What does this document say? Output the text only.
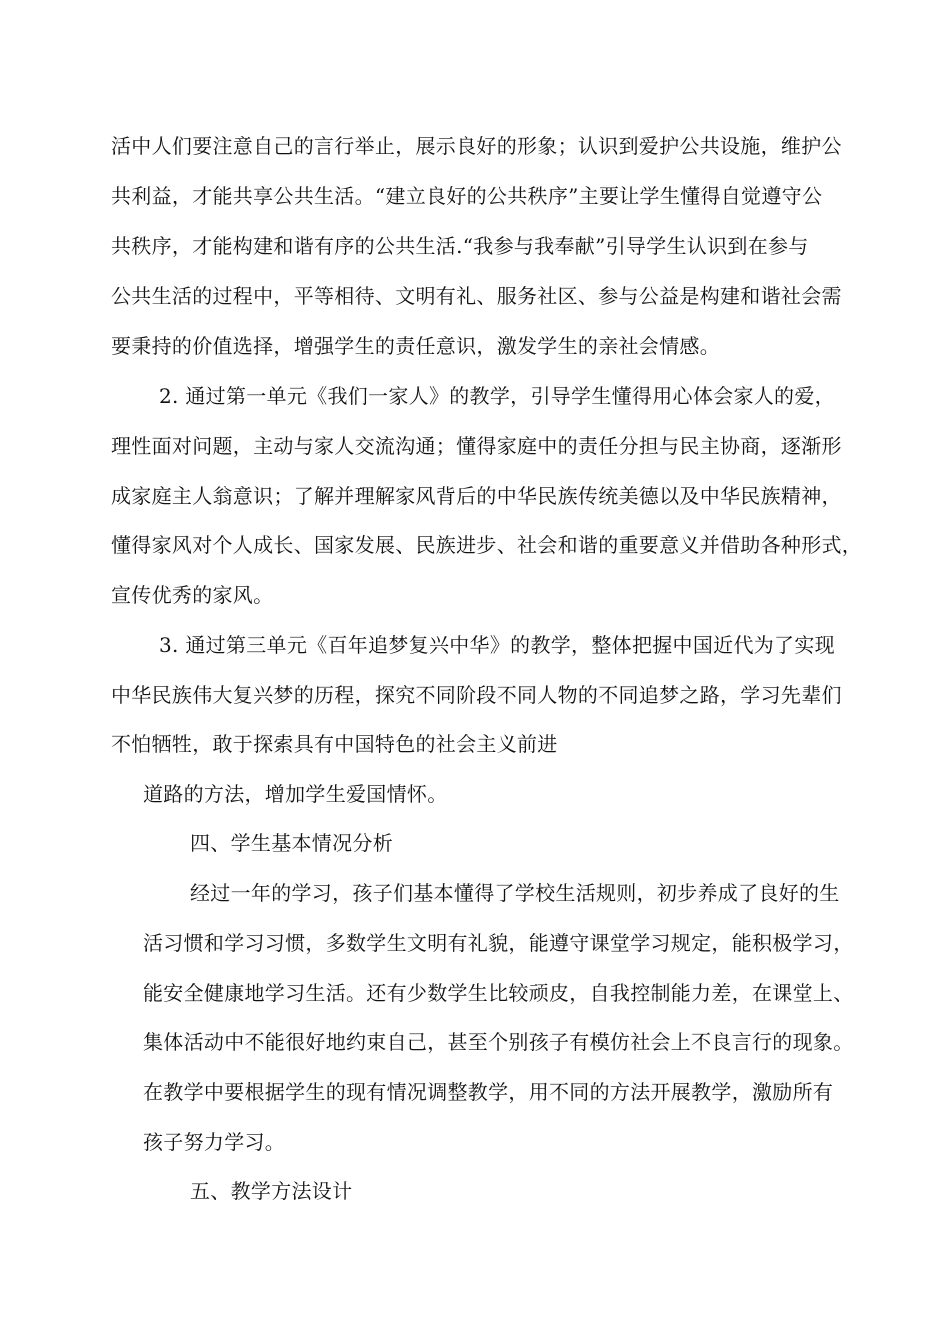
活中人们要注意自己的言行举止，展示良好的形象；认识到爱护公共设施，维护公
共利益，才能共享公共生活。“建立良好的公共秩序”主要让学生懂得自觉遵守公
共秩序，才能构建和谐有序的公共生活.“我参与我奉献”引导学生认识到在参与
公共生活的过程中，平等相待、文明有礼、服务社区、参与公益是构建和谐社会需
要秉持的价值选择，增强学生的责任意识，激发学生的亲社会情感。
2. 通过第一单元《我们一家人》的教学，引导学生懂得用心体会家人的爱，
理性面对问题，主动与家人交流沟通；懂得家庭中的责任分担与民主协商，逐渐形
成家庭主人翁意识；了解并理解家风背后的中华民族传统美德以及中华民族精神，
懂得家风对个人成长、国家发展、民族进步、社会和谐的重要意义并借助各种形式，
宣传优秀的家风。
3. 通过第三单元《百年追梦复兴中华》的教学，整体把握中国近代为了实现
中华民族伟大复兴梦的历程，探究不同阶段不同人物的不同追梦之路，学习先辈们
不怕牺牲，敢于探索具有中国特色的社会主义前进
道路的方法，增加学生爱国情怀。
四、学生基本情况分析
经过一年的学习，孩子们基本懂得了学校生活规则，初步养成了良好的生
活习惯和学习习惯，多数学生文明有礼貌，能遵守课堂学习规定，能积极学习，
能安全健康地学习生活。还有少数学生比较顽皮，自我控制能力差，在课堂上、
集体活动中不能很好地约束自己，甚至个别孩子有模仿社会上不良言行的现象。
在教学中要根据学生的现有情况调整教学，用不同的方法开展教学，激励所有
孩子努力学习。
五、教学方法设计
